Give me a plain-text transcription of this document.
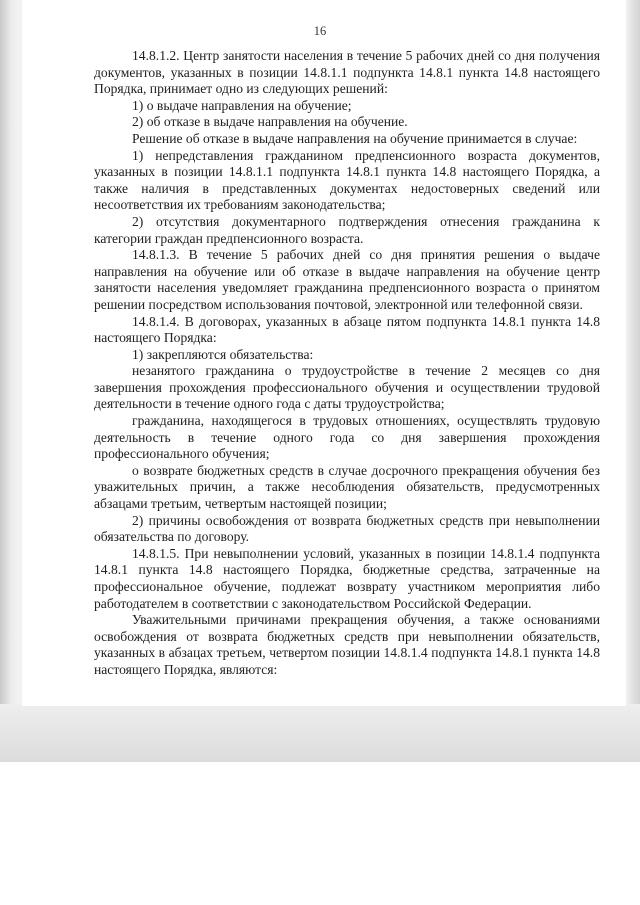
16

14.8.1.2. Центр занятости населения в течение 5 рабочих дней со дня получения документов, указанных в позиции 14.8.1.1 подпункта 14.8.1 пункта 14.8 настоящего Порядка, принимает одно из следующих решений:

1) о выдаче направления на обучение;

2) об отказе в выдаче направления на обучение.

Решение об отказе в выдаче направления на обучение принимается в случае:

1) непредставления гражданином предпенсионного возраста документов, указанных в позиции 14.8.1.1 подпункта 14.8.1 пункта 14.8 настоящего Порядка, а также наличия в представленных документах недостоверных сведений или несоответствия их требованиям законодательства;

2) отсутствия документарного подтверждения отнесения гражданина к категории граждан предпенсионного возраста.

14.8.1.3. В течение 5 рабочих дней со дня принятия решения о выдаче направления на обучение или об отказе в выдаче направления на обучение центр занятости населения уведомляет гражданина предпенсионного возраста о принятом решении посредством использования почтовой, электронной или телефонной связи.

14.8.1.4. В договорах, указанных в абзаце пятом подпункта 14.8.1 пункта 14.8 настоящего Порядка:

1) закрепляются обязательства:

незанятого гражданина о трудоустройстве в течение 2 месяцев со дня завершения прохождения профессионального обучения и осуществлении трудовой деятельности в течение одного года с даты трудоустройства;

гражданина, находящегося в трудовых отношениях, осуществлять трудовую деятельность в течение одного года со дня завершения прохождения профессионального обучения;

о возврате бюджетных средств в случае досрочного прекращения обучения без уважительных причин, а также несоблюдения обязательств, предусмотренных абзацами третьим, четвертым настоящей позиции;

2) причины освобождения от возврата бюджетных средств при невыполнении обязательства по договору.

14.8.1.5. При невыполнении условий, указанных в позиции 14.8.1.4 подпункта 14.8.1 пункта 14.8 настоящего Порядка, бюджетные средства, затраченные на профессиональное обучение, подлежат возврату участником мероприятия либо работодателем в соответствии с законодательством Российской Федерации.

Уважительными причинами прекращения обучения, а также основаниями освобождения от возврата бюджетных средств при невыполнении обязательств, указанных в абзацах третьем, четвертом позиции 14.8.1.4 подпункта 14.8.1 пункта 14.8 настоящего Порядка, являются:
